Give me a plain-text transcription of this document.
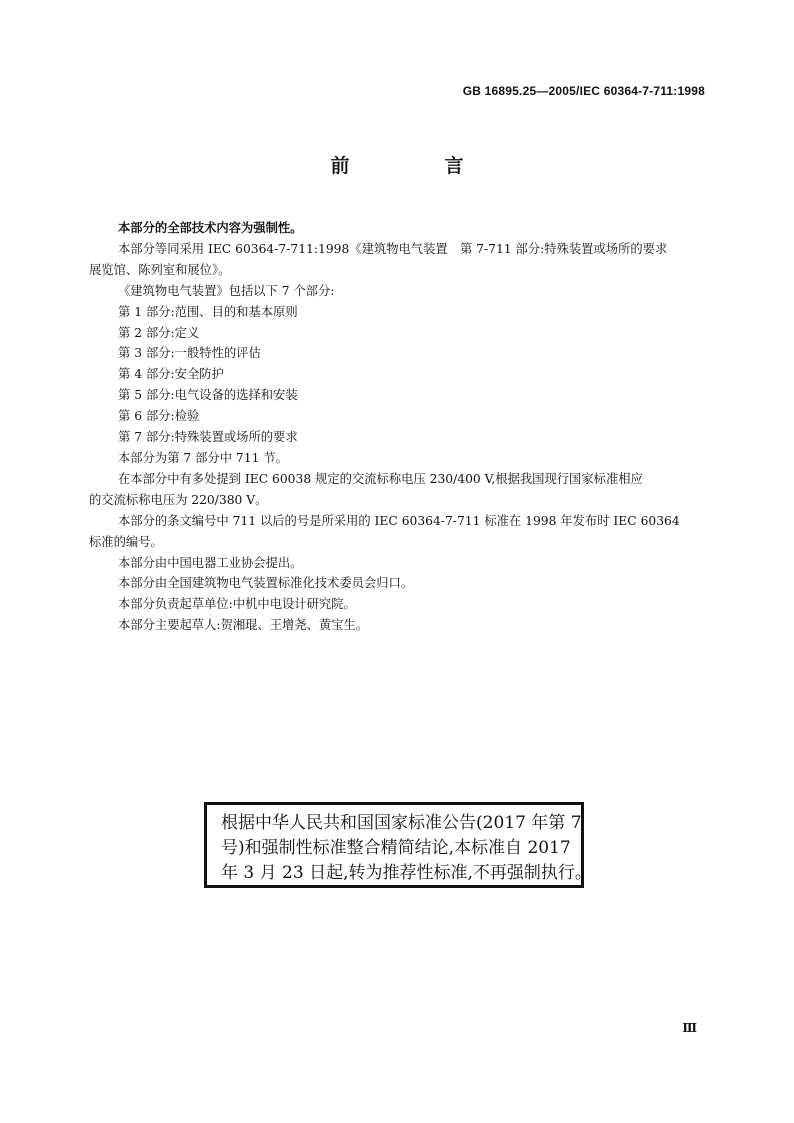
GB 16895.25—2005/IEC 60364-7-711:1998
前　言

本部分的全部技术内容为强制性。

本部分等同采用 IEC 60364-7-711:1998《建筑物电气装置　第 7-711 部分:特殊装置或场所的要求

展览馆、陈列室和展位》。

《建筑物电气装置》包括以下 7 个部分:

第 1 部分:范围、目的和基本原则

第 2 部分:定义

第 3 部分:一般特性的评估

第 4 部分:安全防护

第 5 部分:电气设备的选择和安装

第 6 部分:检验

第 7 部分:特殊装置或场所的要求

本部分为第 7 部分中 711 节。

在本部分中有多处提到 IEC 60038 规定的交流标称电压 230/400 V,根据我国现行国家标准相应

的交流标称电压为 220/380 V。

本部分的条文编号中 711 以后的号是所采用的 IEC 60364-7-711 标准在 1998 年发布时 IEC 60364

标准的编号。

本部分由中国电器工业协会提出。

本部分由全国建筑物电气装置标准化技术委员会归口。

本部分负责起草单位:中机中电设计研究院。

本部分主要起草人:贺湘琨、王增尧、黄宝生。

根据中华人民共和国国家标准公告(2017 年第 7
号)和强制性标准整合精简结论,本标准自 2017
年 3 月 23 日起,转为推荐性标准,不再强制执行。
Ⅲ
